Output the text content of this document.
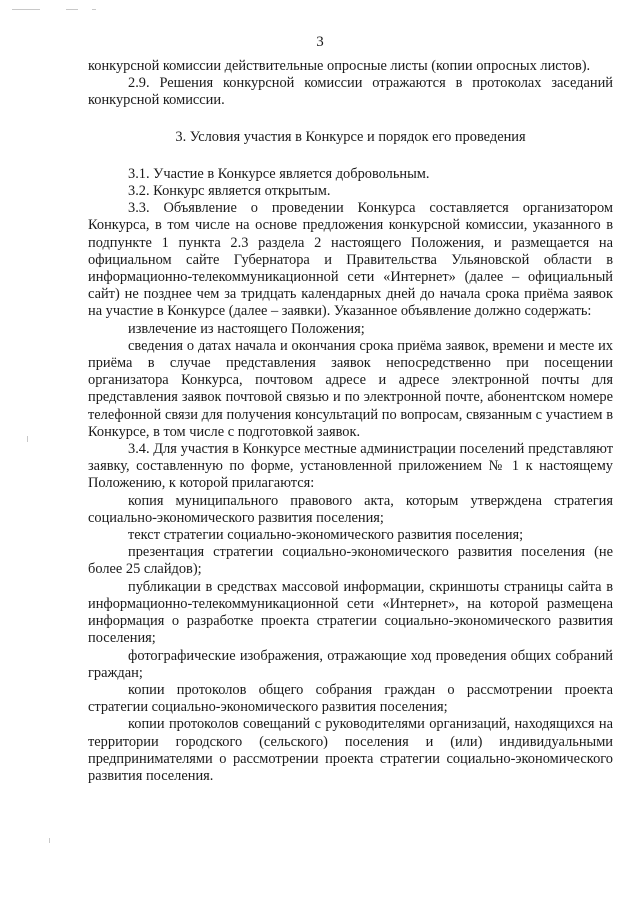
3

конкурсной комиссии действительные опросные листы (копии опросных листов).

2.9. Решения конкурсной комиссии отражаются в протоколах заседаний конкурсной комиссии.

3. Условия участия в Конкурсе и порядок его проведения

3.1. Участие в Конкурсе является добровольным.

3.2. Конкурс является открытым.

3.3. Объявление о проведении Конкурса составляется организатором Конкурса, в том числе на основе предложения конкурсной комиссии, указанного в подпункте 1 пункта 2.3 раздела 2 настоящего Положения, и размещается на официальном сайте Губернатора и Правительства Ульяновской области в информационно-телекоммуникационной сети «Интернет» (далее – официальный сайт) не позднее чем за тридцать календарных дней до начала срока приёма заявок на участие в Конкурсе (далее – заявки). Указанное объявление должно содержать:

извлечение из настоящего Положения;

сведения о датах начала и окончания срока приёма заявок, времени и месте их приёма в случае представления заявок непосредственно при посещении организатора Конкурса, почтовом адресе и адресе электронной почты для представления заявок почтовой связью и по электронной почте, абонентском номере телефонной связи для получения консультаций по вопросам, связанным с участием в Конкурсе, в том числе с подготовкой заявок.

3.4. Для участия в Конкурсе местные администрации поселений представляют заявку, составленную по форме, установленной приложением № 1 к настоящему Положению, к которой прилагаются:

копия муниципального правового акта, которым утверждена стратегия социально-экономического развития поселения;

текст стратегии социально-экономического развития поселения;

презентация стратегии социально-экономического развития поселения (не более 25 слайдов);

публикации в средствах массовой информации, скриншоты страницы сайта в информационно-телекоммуникационной сети «Интернет», на которой размещена информация о разработке проекта стратегии социально-экономического развития поселения;

фотографические изображения, отражающие ход проведения общих собраний граждан;

копии протоколов общего собрания граждан о рассмотрении проекта стратегии социально-экономического развития поселения;

копии протоколов совещаний с руководителями организаций, находящихся на территории городского (сельского) поселения и (или) индивидуальными предпринимателями о рассмотрении проекта стратегии социально-экономического развития поселения.
